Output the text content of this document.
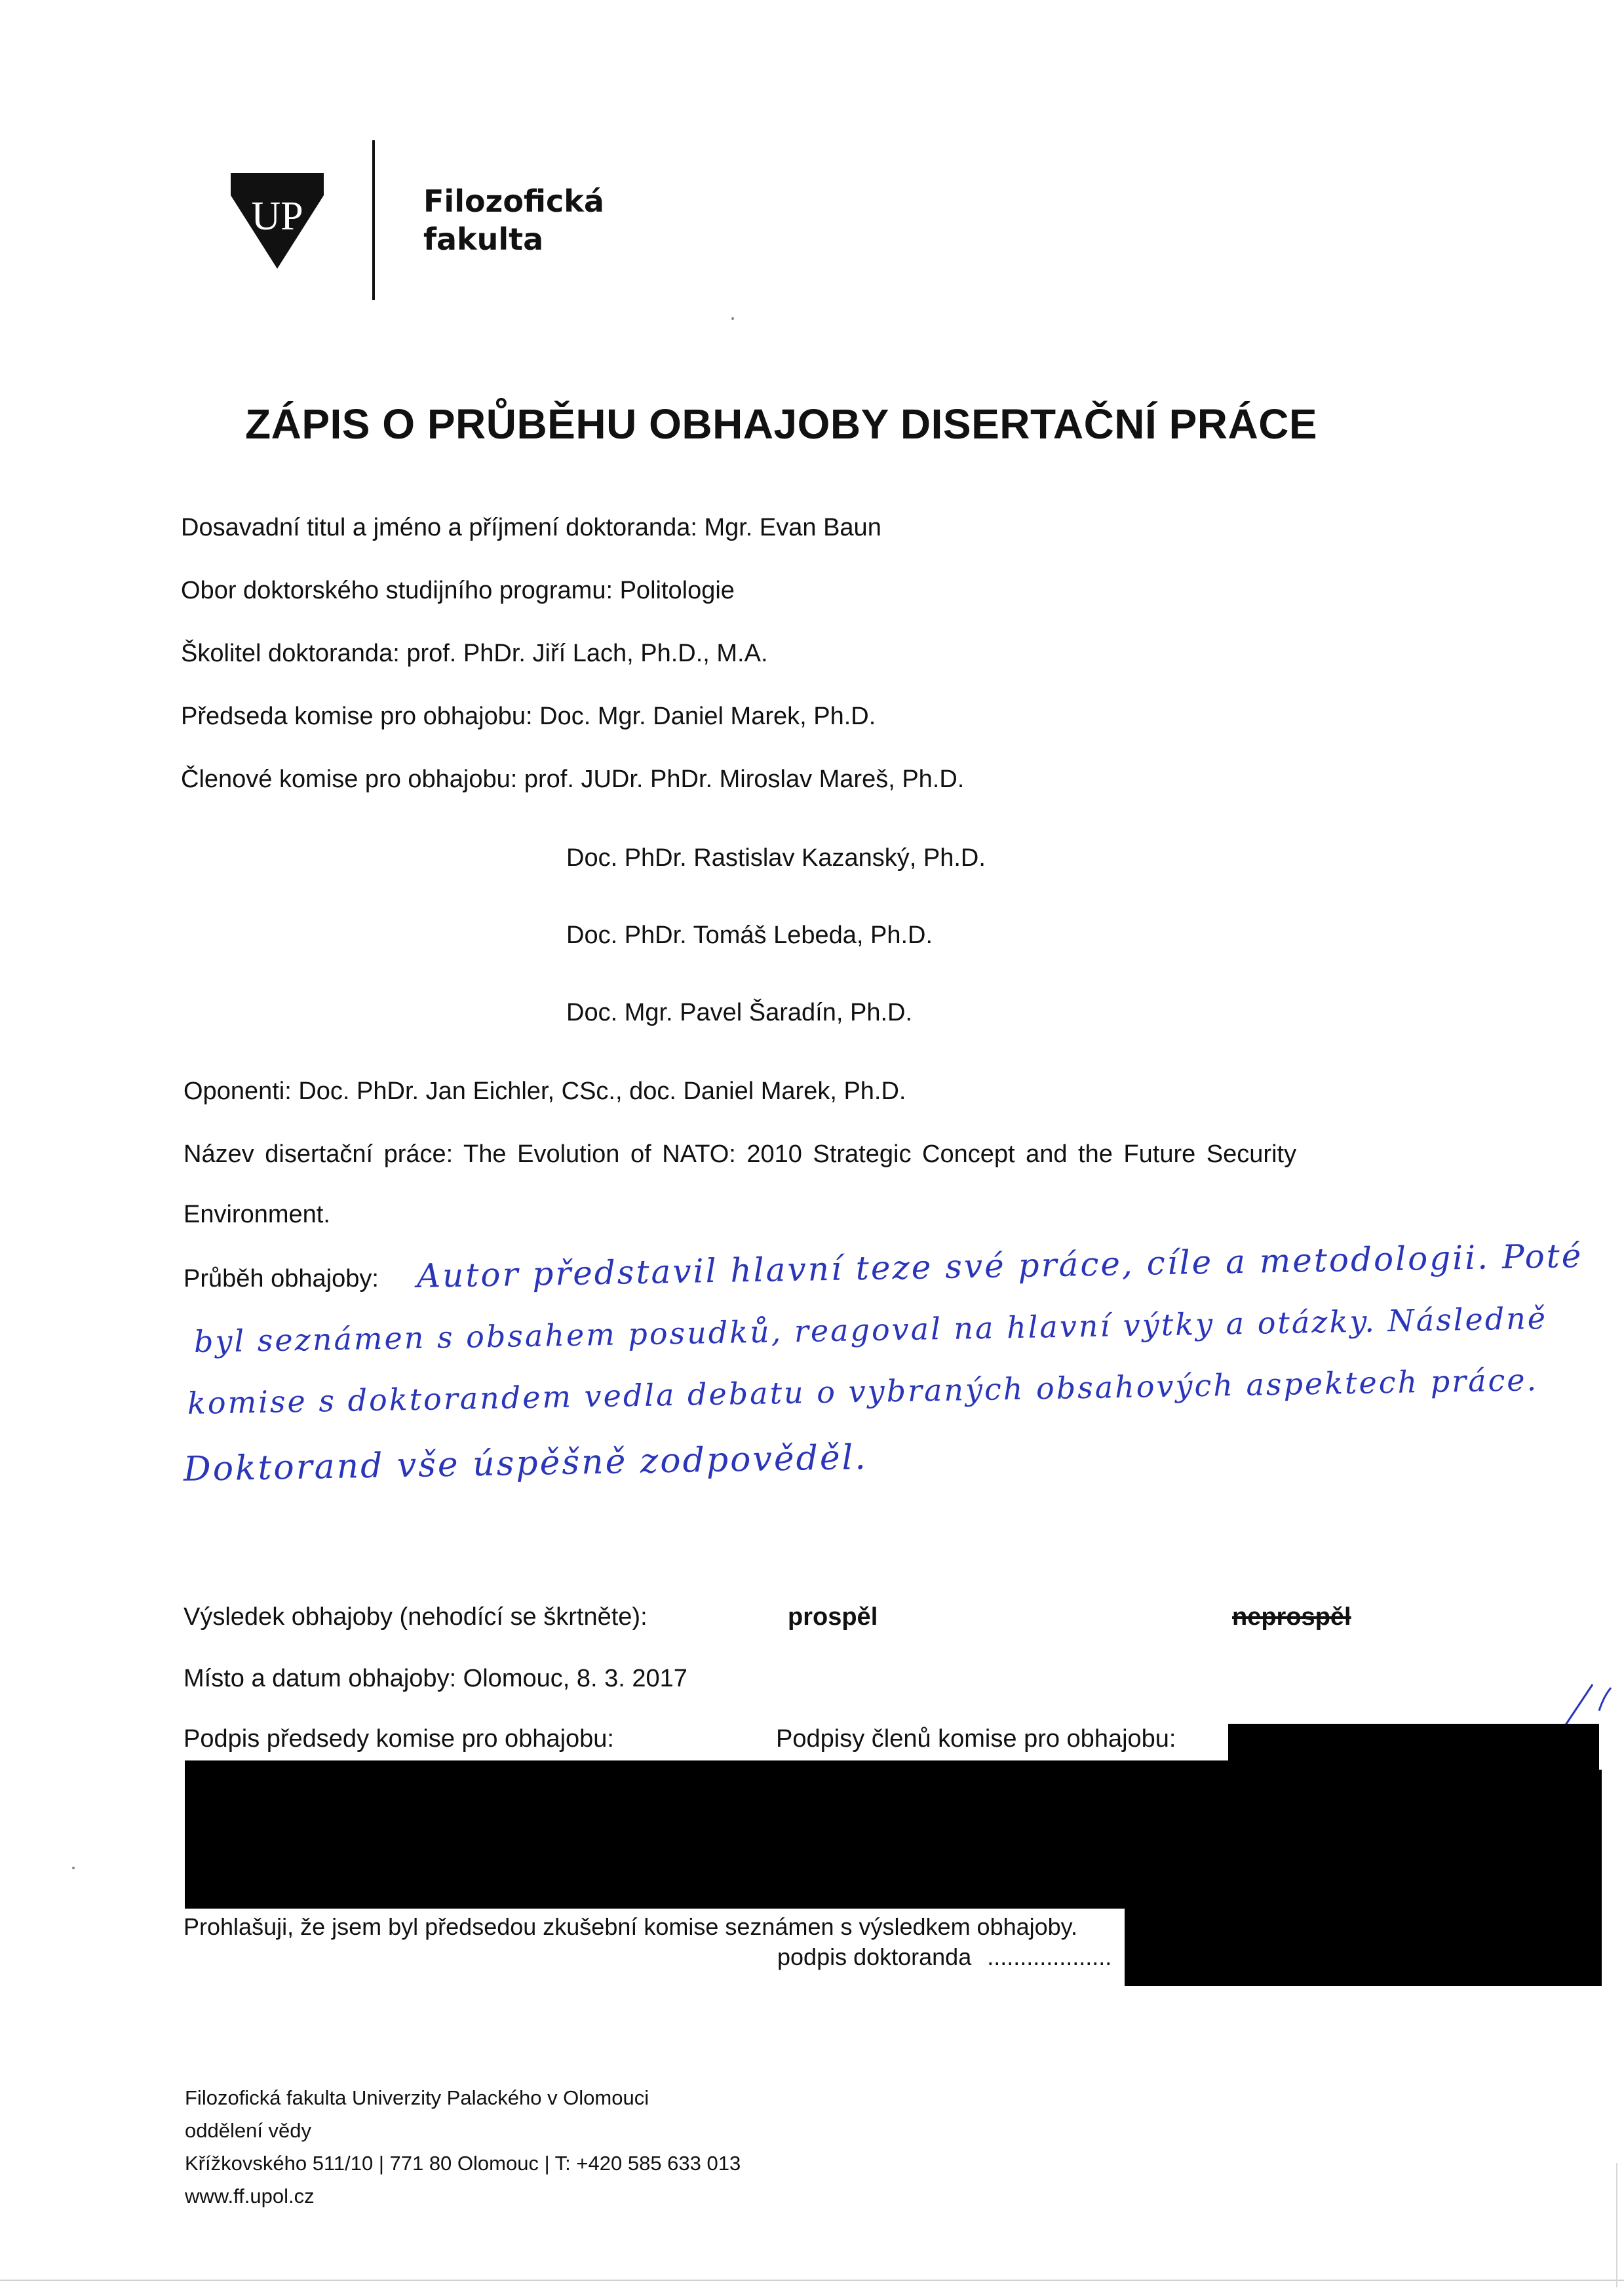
UP	Filozofická
fakulta
ZÁPIS O PRŮBĚHU OBHAJOBY DISERTAČNÍ PRÁCE
Dosavadní titul a jméno a příjmení doktoranda: Mgr. Evan Baun
Obor doktorského studijního programu: Politologie
Školitel doktoranda: prof. PhDr. Jiří Lach, Ph.D., M.A.
Předseda komise pro obhajobu: Doc. Mgr. Daniel Marek, Ph.D.
Členové komise pro obhajobu: prof. JUDr. PhDr. Miroslav Mareš, Ph.D.
Doc. PhDr. Rastislav Kazanský, Ph.D.
Doc. PhDr. Tomáš Lebeda, Ph.D.
Doc. Mgr. Pavel Šaradín, Ph.D.
Oponenti: Doc. PhDr. Jan Eichler, CSc., doc. Daniel Marek, Ph.D.
Název disertační práce: The Evolution of NATO: 2010 Strategic Concept and the Future Security
Environment.
Průběh obhajoby: Autor představil hlavní teze své práce, cíle a metodologii. Poté
byl seznámen s obsahem posudků, reagoval na hlavní výtky a otázky. Následně
komise s doktorandem vedla debatu o vybraných obsahových aspektech práce.
Doktorand vše úspěšně zodpověděl.
Výsledek obhajoby (nehodící se škrtněte):	prospěl	neprospěl
Místo a datum obhajoby: Olomouc, 8. 3. 2017
Podpis předsedy komise pro obhajobu:	Podpisy členů komise pro obhajobu:
Prohlašuji, že jsem byl předsedou zkušební komise seznámen s výsledkem obhajoby.
podpis doktoranda ...................
Filozofická fakulta Univerzity Palackého v Olomouci
oddělení vědy
Křížkovského 511/10 | 771 80 Olomouc | T: +420 585 633 013
www.ff.upol.cz
